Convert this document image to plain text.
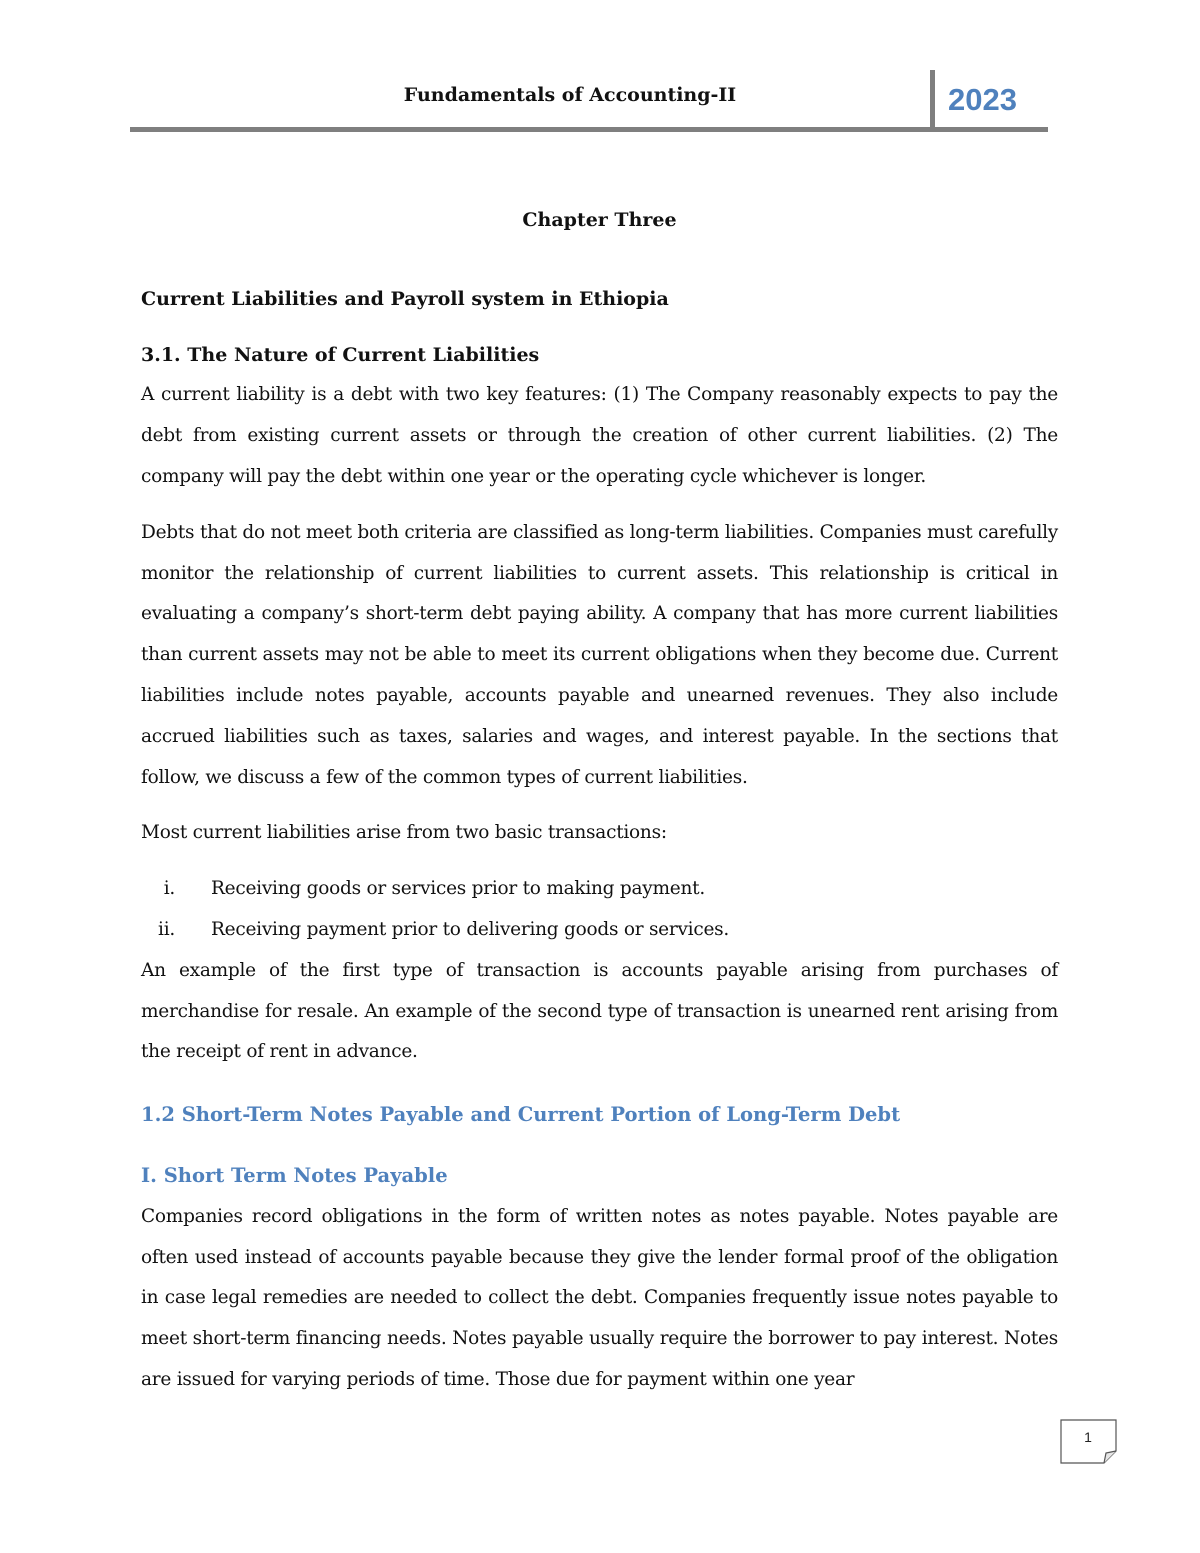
Fundamentals of Accounting-II	2023
Chapter Three
Current Liabilities and Payroll system in Ethiopia
3.1. The Nature of Current Liabilities

A current liability is a debt with two key features: (1) The Company reasonably expects to pay the debt from existing current assets or through the creation of other current liabilities. (2) The company will pay the debt within one year or the operating cycle whichever is longer.

Debts that do not meet both criteria are classified as long-term liabilities. Companies must carefully monitor the relationship of current liabilities to current assets. This relationship is critical in evaluating a company’s short-term debt paying ability. A company that has more current liabilities than current assets may not be able to meet its current obligations when they become due. Current liabilities include notes payable, accounts payable and unearned revenues. They also include accrued liabilities such as taxes, salaries and wages, and interest payable. In the sections that follow, we discuss a few of the common types of current liabilities.

Most current liabilities arise from two basic transactions:

i. Receiving goods or services prior to making payment.
ii. Receiving payment prior to delivering goods or services.

An example of the first type of transaction is accounts payable arising from purchases of merchandise for resale. An example of the second type of transaction is unearned rent arising from the receipt of rent in advance.

1.2 Short-Term Notes Payable and Current Portion of Long-Term Debt
I. Short Term Notes Payable

Companies record obligations in the form of written notes as notes payable. Notes payable are often used instead of accounts payable because they give the lender formal proof of the obligation in case legal remedies are needed to collect the debt. Companies frequently issue notes payable to meet short-term financing needs. Notes payable usually require the borrower to pay interest. Notes are issued for varying periods of time. Those due for payment within one year

1
